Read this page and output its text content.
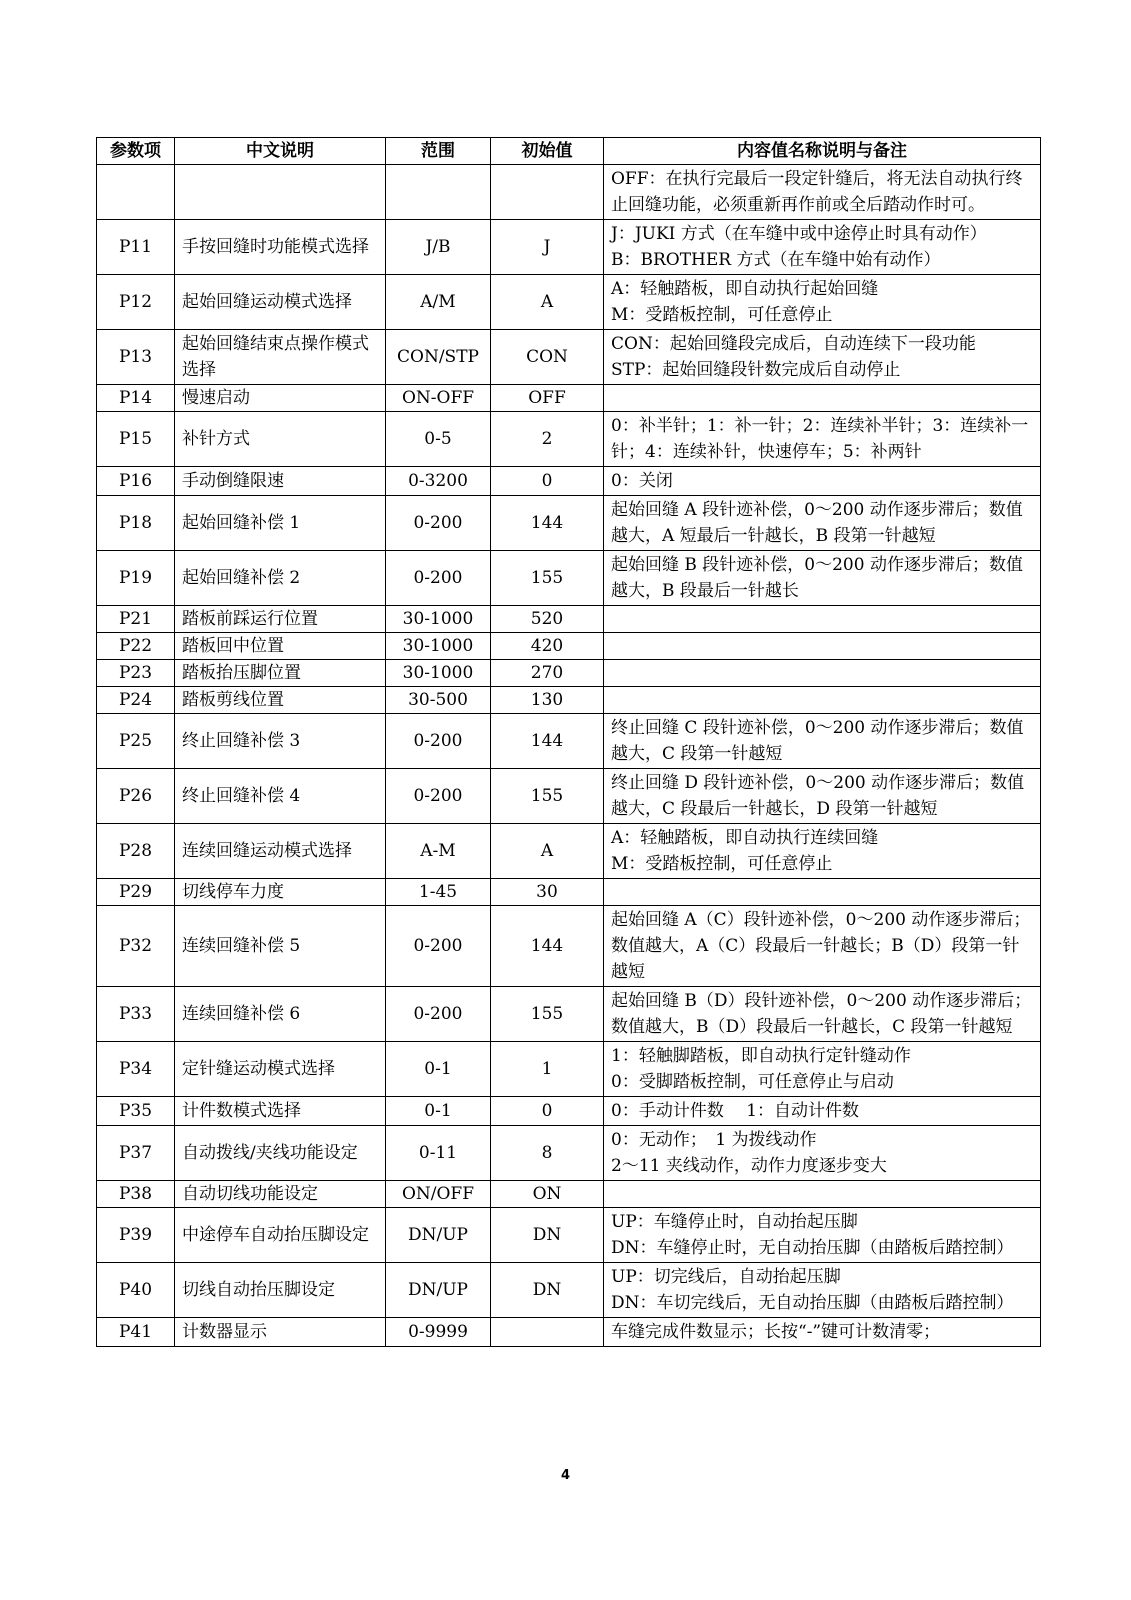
参数项	中文说明	范围	初始值	内容值名称说明与备注
				OFF：在执行完最后一段定针缝后，将无法自动执行终止回缝功能，必须重新再作前或全后踏动作时可。
P11	手按回缝时功能模式选择	J/B	J	J：JUKI 方式（在车缝中或中途停止时具有动作）
B：BROTHER 方式（在车缝中始有动作）
P12	起始回缝运动模式选择	A/M	A	A：轻触踏板，即自动执行起始回缝
M：受踏板控制，可任意停止
P13	起始回缝结束点操作模式选择	CON/STP	CON	CON：起始回缝段完成后，自动连续下一段功能
STP：起始回缝段针数完成后自动停止
P14	慢速启动	ON-OFF	OFF	
P15	补针方式	0-5	2	0：补半针；1：补一针；2：连续补半针；3：连续补一针；4：连续补针，快速停车；5：补两针
P16	手动倒缝限速	0-3200	0	0：关闭
P18	起始回缝补偿 1	0-200	144	起始回缝 A 段针迹补偿，0～200 动作逐步滞后；数值越大，A 短最后一针越长，B 段第一针越短
P19	起始回缝补偿 2	0-200	155	起始回缝 B 段针迹补偿，0～200 动作逐步滞后；数值越大，B 段最后一针越长
P21	踏板前踩运行位置	30-1000	520	
P22	踏板回中位置	30-1000	420	
P23	踏板抬压脚位置	30-1000	270	
P24	踏板剪线位置	30-500	130	
P25	终止回缝补偿 3	0-200	144	终止回缝 C 段针迹补偿，0～200 动作逐步滞后；数值越大，C 段第一针越短
P26	终止回缝补偿 4	0-200	155	终止回缝 D 段针迹补偿，0～200 动作逐步滞后；数值越大，C 段最后一针越长，D 段第一针越短
P28	连续回缝运动模式选择	A-M	A	A：轻触踏板，即自动执行连续回缝
M：受踏板控制，可任意停止
P29	切线停车力度	1-45	30	
P32	连续回缝补偿 5	0-200	144	起始回缝 A（C）段针迹补偿，0～200 动作逐步滞后；数值越大，A（C）段最后一针越长；B（D）段第一针越短
P33	连续回缝补偿 6	0-200	155	起始回缝 B（D）段针迹补偿，0～200 动作逐步滞后；数值越大，B（D）段最后一针越长，C 段第一针越短
P34	定针缝运动模式选择	0-1	1	1：轻触脚踏板，即自动执行定针缝动作
0：受脚踏板控制，可任意停止与启动
P35	计件数模式选择	0-1	0	0：手动计件数　 1：自动计件数
P37	自动拨线/夹线功能设定	0-11	8	0：无动作；　1 为拨线动作
2～11 夹线动作，动作力度逐步变大
P38	自动切线功能设定	ON/OFF	ON	
P39	中途停车自动抬压脚设定	DN/UP	DN	UP：车缝停止时，自动抬起压脚
DN：车缝停止时，无自动抬压脚（由踏板后踏控制）
P40	切线自动抬压脚设定	DN/UP	DN	UP：切完线后，自动抬起压脚
DN：车切完线后，无自动抬压脚（由踏板后踏控制）
P41	计数器显示	0-9999		车缝完成件数显示；长按“-”键可计数清零；
4
